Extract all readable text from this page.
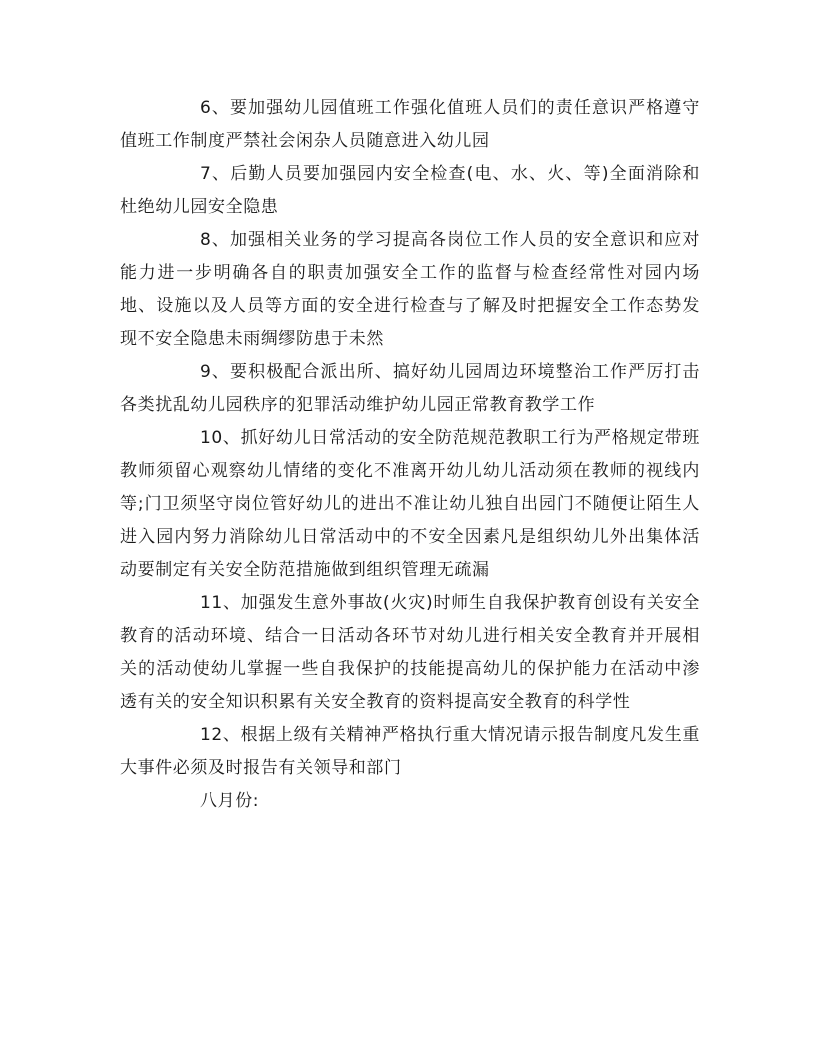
6、要加强幼儿园值班工作强化值班人员们的责任意识严格遵守值班工作制度严禁社会闲杂人员随意进入幼儿园

7、后勤人员要加强园内安全检查(电、水、火、等)全面消除和杜绝幼儿园安全隐患

8、加强相关业务的学习提高各岗位工作人员的安全意识和应对能力进一步明确各自的职责加强安全工作的监督与检查经常性对园内场地、设施以及人员等方面的安全进行检查与了解及时把握安全工作态势发现不安全隐患未雨绸缪防患于未然

9、要积极配合派出所、搞好幼儿园周边环境整治工作严厉打击各类扰乱幼儿园秩序的犯罪活动维护幼儿园正常教育教学工作

10、抓好幼儿日常活动的安全防范规范教职工行为严格规定带班教师须留心观察幼儿情绪的变化不准离开幼儿幼儿活动须在教师的视线内等;门卫须坚守岗位管好幼儿的进出不准让幼儿独自出园门不随便让陌生人进入园内努力消除幼儿日常活动中的不安全因素凡是组织幼儿外出集体活动要制定有关安全防范措施做到组织管理无疏漏

11、加强发生意外事故(火灾)时师生自我保护教育创设有关安全教育的活动环境、结合一日活动各环节对幼儿进行相关安全教育并开展相关的活动使幼儿掌握一些自我保护的技能提高幼儿的保护能力在活动中渗透有关的安全知识积累有关安全教育的资料提高安全教育的科学性

12、根据上级有关精神严格执行重大情况请示报告制度凡发生重大事件必须及时报告有关领导和部门

八月份:
